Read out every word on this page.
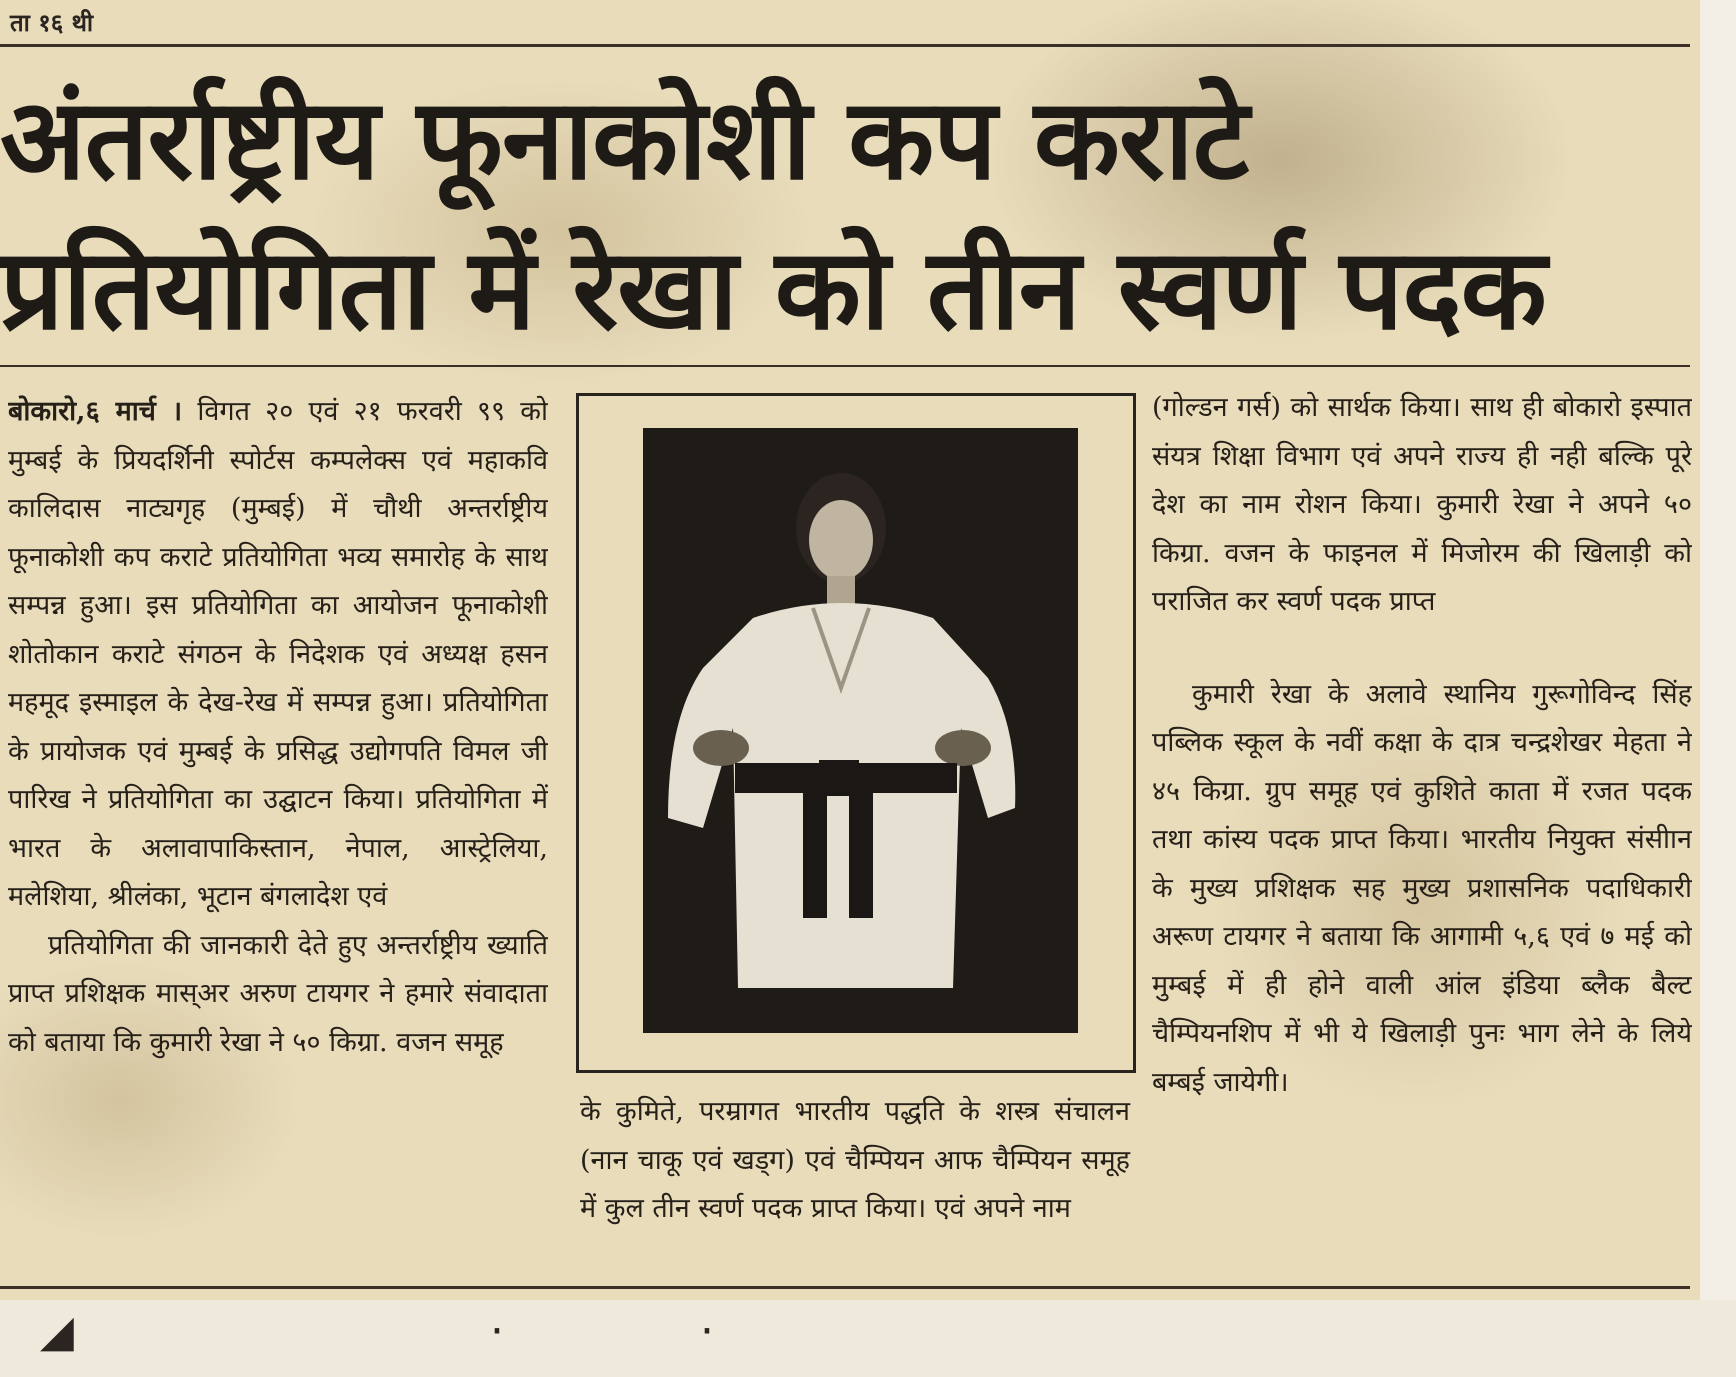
ता १६ थी
अंतर्राष्ट्रीय फूनाकोशी कप कराटे
प्रतियोगिता में रेखा को तीन स्वर्ण पदक

बोकारो,६ मार्च । विगत २० एवं २१ फरवरी ९९ को मुम्बई के प्रियदर्शिनी स्पोर्टस कम्पलेक्स एवं महाकवि कालिदास नाट्यगृह (मुम्बई) में चौथी अन्तर्राष्ट्रीय फूनाकोशी कप कराटे प्रतियोगिता भव्य समारोह के साथ सम्पन्न हुआ। इस प्रतियोगिता का आयोजन फूनाकोशी शोतोकान कराटे संगठन के निदेशक एवं अध्यक्ष हसन महमूद इस्माइल के देख-रेख में सम्पन्न हुआ। प्रतियोगिता के प्रायोजक एवं मुम्बई के प्रसिद्ध उद्योगपति विमल जी पारिख ने प्रतियोगिता का उद्घाटन किया। प्रतियोगिता में भारत के अलावापाकिस्तान, नेपाल, आस्ट्रेलिया, मलेशिया, श्रीलंका, भूटान बंगलादेश एवं

प्रतियोगिता की जानकारी देते हुए अन्तर्राष्ट्रीय ख्याति प्राप्त प्रशिक्षक मास्अर अरुण टायगर ने हमारे संवादाता को बताया कि कुमारी रेखा ने ५० किग्रा. वजन समूह

के कुमिते, परम्रागत भारतीय पद्धति के शस्त्र संचालन (नान चाकू एवं खड्ग) एवं चैम्पियन आफ चैम्पियन समूह में कुल तीन स्वर्ण पदक प्राप्त किया। एवं अपने नाम

(गोल्डन गर्स) को सार्थक किया। साथ ही बोकारो इस्पात संयत्र शिक्षा विभाग एवं अपने राज्य ही नही बल्कि पूरे देश का नाम रोशन किया। कुमारी रेखा ने अपने ५० किग्रा. वजन के फाइनल में मिजोरम की खिलाड़ी को पराजित कर स्वर्ण पदक प्राप्त

कुमारी रेखा के अलावे स्थानिय गुरूगोविन्द सिंह पब्लिक स्कूल के नवीं कक्षा के दात्र चन्द्रशेखर मेहता ने ४५ किग्रा. ग्रुप समूह एवं कुशिते काता में रजत पदक तथा कांस्य पदक प्राप्त किया। भारतीय नियुक्त संसीान के मुख्य प्रशिक्षक सह मुख्य प्रशासनिक पदाधिकारी अरूण टायगर ने बताया कि आगामी ५,६ एवं ७ मई को मुम्बई में ही होने वाली आंल इंडिया ब्लैक बैल्ट चैम्पियनशिप में भी ये खिलाड़ी पुनः भाग लेने के लिये बम्बई जायेगी।

◢	·	·
